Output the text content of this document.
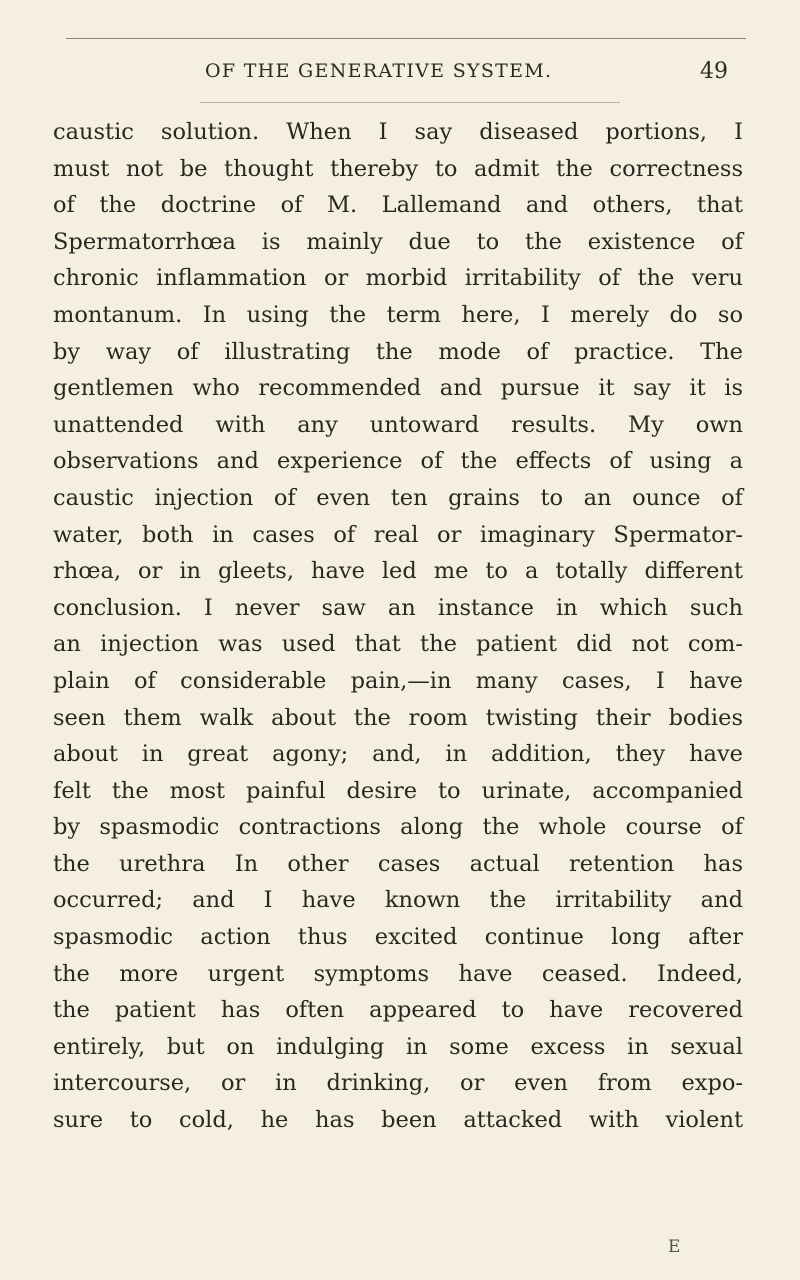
OF THE GENERATIVE SYSTEM.	49
caustic solution. When I say diseased portions, I
must not be thought thereby to admit the correctness
of the doctrine of M. Lallemand and others, that
Spermatorrhœa is mainly due to the existence of
chronic inflammation or morbid irritability of the veru
montanum. In using the term here, I merely do so
by way of illustrating the mode of practice. The
gentlemen who recommended and pursue it say it is
unattended with any untoward results. My own
observations and experience of the effects of using a
caustic injection of even ten grains to an ounce of
water, both in cases of real or imaginary Spermator-
rhœa, or in gleets, have led me to a totally different
conclusion. I never saw an instance in which such
an injection was used that the patient did not com-
plain of considerable pain,—in many cases, I have
seen them walk about the room twisting their bodies
about in great agony; and, in addition, they have
felt the most painful desire to urinate, accompanied
by spasmodic contractions along the whole course of
the urethra In other cases actual retention has
occurred; and I have known the irritability and
spasmodic action thus excited continue long after
the more urgent symptoms have ceased. Indeed,
the patient has often appeared to have recovered
entirely, but on indulging in some excess in sexual
intercourse, or in drinking, or even from expo-
sure to cold, he has been attacked with violent
E
